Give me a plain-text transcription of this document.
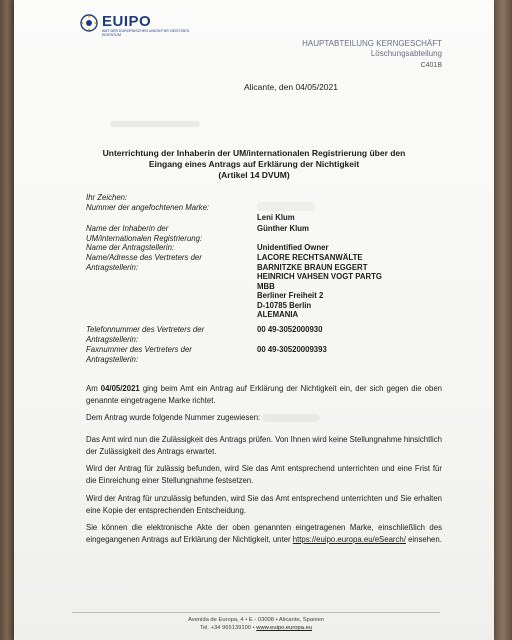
EUIPO
AMT DER EUROPÄISCHEN UNION FÜR GEISTIGES EIGENTUM
HAUPTABTEILUNG KERNGESCHÄFT
Löschungsabteilung
C401B
Alicante, den 04/05/2021
Unterrichtung der Inhaberin der UM/internationalen Registrierung über den
Eingang eines Antrags auf Erklärung der Nichtigkeit
(Artikel 14 DVUM)
Ihr Zeichen:
Nummer der angefochtenen Marke:
Leni Klum
Name der Inhaberin der
UM/internationalen Registrierung:
Günther Klum
Name der Antragstellerin:	Unidentified Owner
Name/Adresse des Vertreters der
Antragstellerin:
LACORE RECHTSANWÄLTE
BARNITZKE BRAUN EGGERT
HEINRICH VAHSEN VOGT PARTG
MBB
Berliner Freiheit 2
D-10785 Berlin
ALEMANIA
Telefonnummer des Vertreters der
Antragstellerin:
00 49-3052000930
Faxnummer des Vertreters der
Antragstellerin:
00 49-30520009393
Am 04/05/2021 ging beim Amt ein Antrag auf Erklärung der Nichtigkeit ein, der sich gegen die oben genannte eingetragene Marke richtet.
Dem Antrag wurde folgende Nummer zugewiesen:
Das Amt wird nun die Zulässigkeit des Antrags prüfen. Von Ihnen wird keine Stellungnahme hinsichtlich der Zulässigkeit des Antrags erwartet.
Wird der Antrag für zulässig befunden, wird Sie das Amt entsprechend unterrichten und eine Frist für die Einreichung einer Stellungnahme festsetzen.
Wird der Antrag für unzulässig befunden, wird Sie das Amt entsprechend unterrichten und Sie erhalten eine Kopie der entsprechenden Entscheidung.
Sie können die elektronische Akte der oben genannten eingetragenen Marke, einschließlich des eingegangenen Antrags auf Erklärung der Nichtigkeit, unter https://euipo.europa.eu/eSearch/ einsehen.
Avenida de Europa, 4 • E - 03008 • Alicante, Spanien
Tel. +34 965139100 • www.euipo.europa.eu
